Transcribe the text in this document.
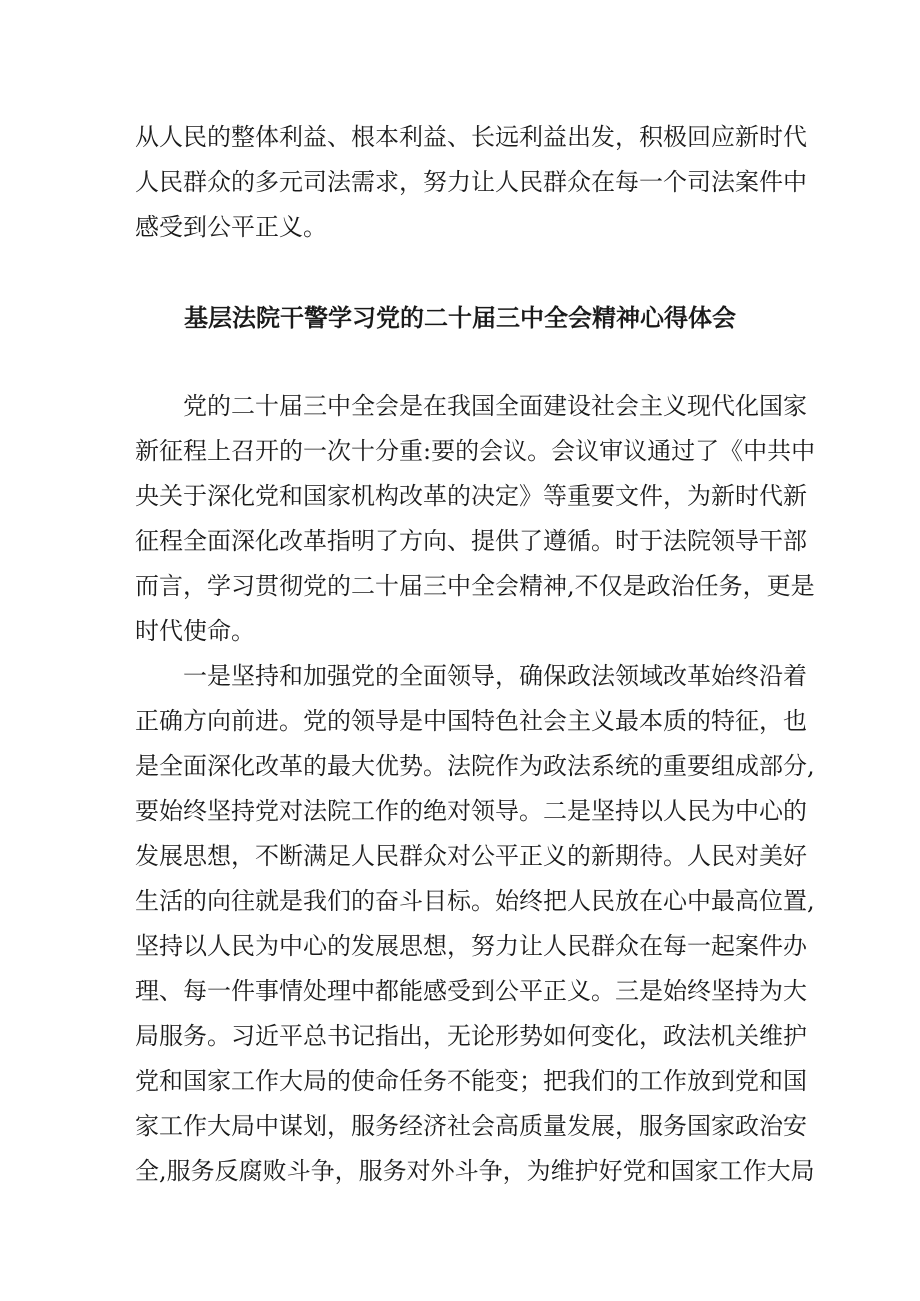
从人民的整体利益、根本利益、长远利益出发，积极回应新时代
人民群众的多元司法需求，努力让人民群众在每一个司法案件中
感受到公平正义。
基层法院干警学习党的二十届三中全会精神心得体会
党的二十届三中全会是在我国全面建设社会主义现代化国家
新征程上召开的一次十分重:要的会议。会议审议通过了《中共中
央关于深化党和国家机构改革的决定》等重要文件，为新时代新
征程全面深化改革指明了方向、提供了遵循。时于法院领导干部
而言，学习贯彻党的二十届三中全会精神,不仅是政治任务，更是
时代使命。
一是坚持和加强党的全面领导，确保政法领域改革始终沿着
正确方向前进。党的领导是中国特色社会主义最本质的特征，也
是全面深化改革的最大优势。法院作为政法系统的重要组成部分,
要始终坚持党对法院工作的绝对领导。二是坚持以人民为中心的
发展思想，不断满足人民群众对公平正义的新期待。人民对美好
生活的向往就是我们的奋斗目标。始终把人民放在心中最高位置,
坚持以人民为中心的发展思想，努力让人民群众在每一起案件办
理、每一件事情处理中都能感受到公平正义。三是始终坚持为大
局服务。习近平总书记指出，无论形势如何变化，政法机关维护
党和国家工作大局的使命任务不能变；把我们的工作放到党和国
家工作大局中谋划，服务经济社会高质量发展，服务国家政治安
全,服务反腐败斗争，服务对外斗争，为维护好党和国家工作大局
